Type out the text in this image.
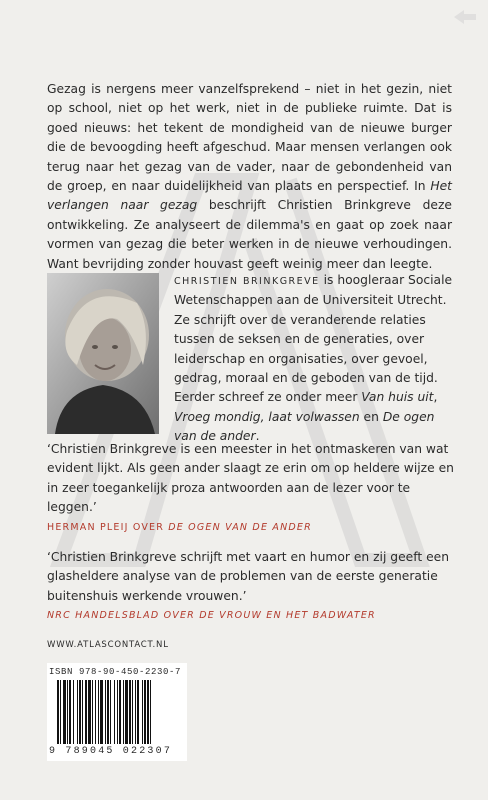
Gezag is nergens meer vanzelfsprekend – niet in het gezin, niet op school, niet op het werk, niet in de publieke ruimte. Dat is goed nieuws: het tekent de mondigheid van de nieuwe burger die de bevoogding heeft afgeschud. Maar mensen verlangen ook terug naar het gezag van de vader, naar de gebondenheid van de groep, en naar duidelijkheid van plaats en perspectief. In Het verlangen naar gezag beschrijft Christien Brinkgreve deze ontwikkeling. Ze analyseert de dilemma's en gaat op zoek naar vormen van gezag die beter werken in de nieuwe verhoudingen. Want bevrijding zonder houvast geeft weinig meer dan leegte.
CHRISTIEN BRINKGREVE is hoogleraar Sociale Wetenschappen aan de Universiteit Utrecht. Ze schrijft over de veranderende relaties tussen de seksen en de generaties, over leiderschap en organisaties, over gevoel, gedrag, moraal en de geboden van de tijd. Eerder schreef ze onder meer Van huis uit, Vroeg mondig, laat volwassen en De ogen van de ander.
‘Christien Brinkgreve is een meester in het ontmaskeren van wat evident lijkt. Als geen ander slaagt ze erin om op heldere wijze en in zeer toegankelijk proza antwoorden aan de lezer voor te leggen.’
HERMAN PLEIJ OVER DE OGEN VAN DE ANDER
‘Christien Brinkgreve schrijft met vaart en humor en zij geeft een glasheldere analyse van de problemen van de eerste generatie buitenshuis werkende vrouwen.’
NRC HANDELSBLAD OVER DE VROUW EN HET BADWATER
WWW.ATLASCONTACT.NL
ISBN 978-90-450-2230-7
9 789045 022307
